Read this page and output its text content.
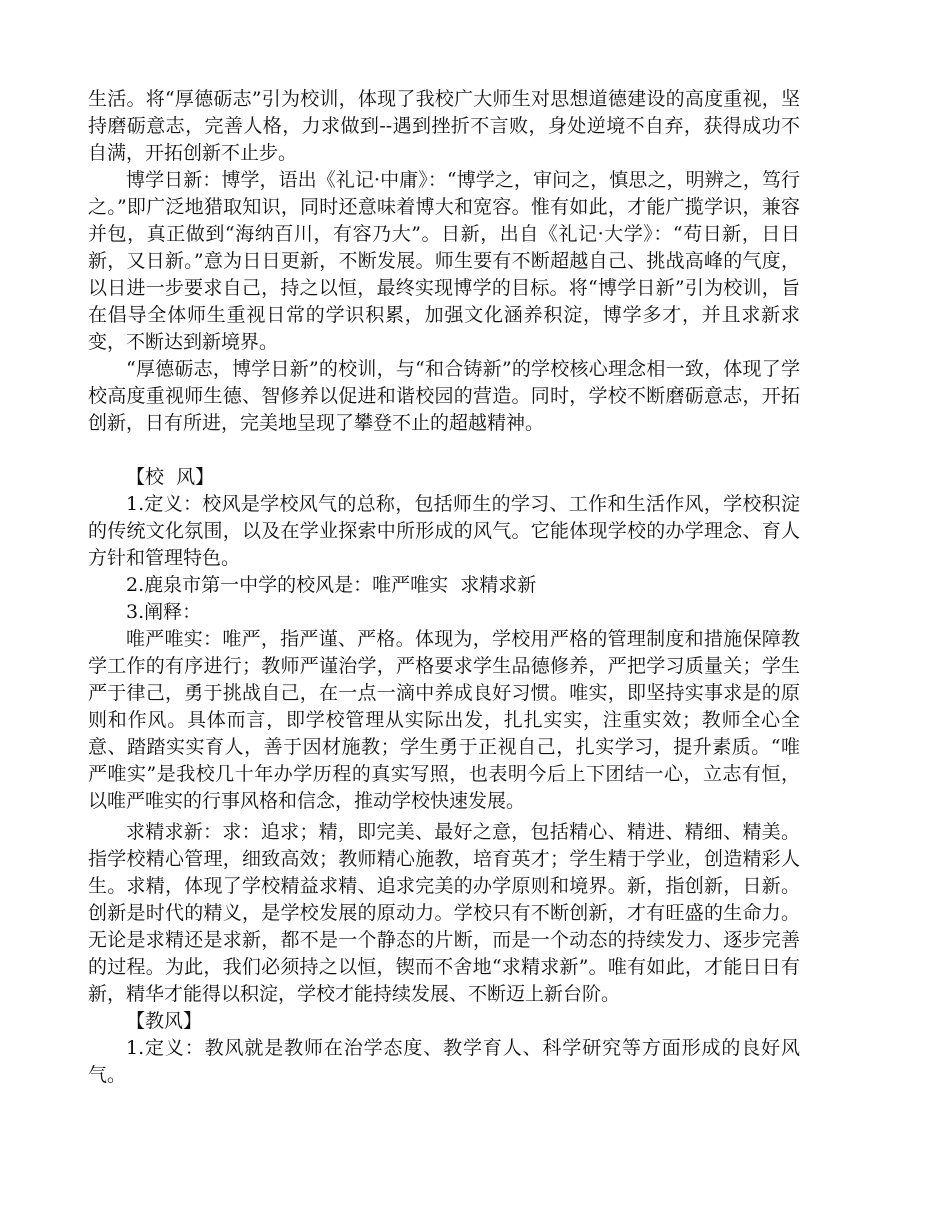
生活。将“厚德砺志”引为校训，体现了我校广大师生对思想道德建设的高度重视，坚持磨砺意志，完善人格，力求做到--遇到挫折不言败，身处逆境不自弃，获得成功不自满，开拓创新不止步。

博学日新：博学，语出《礼记·中庸》：“博学之，审问之，慎思之，明辨之，笃行之。”即广泛地猎取知识，同时还意味着博大和宽容。惟有如此，才能广揽学识，兼容并包，真正做到“海纳百川，有容乃大”。日新，出自《礼记·大学》：“苟日新，日日新，又日新。”意为日日更新，不断发展。师生要有不断超越自己、挑战高峰的气度，以日进一步要求自己，持之以恒，最终实现博学的目标。将“博学日新”引为校训，旨在倡导全体师生重视日常的学识积累，加强文化涵养积淀，博学多才，并且求新求变，不断达到新境界。

“厚德砺志，博学日新”的校训，与“和合铸新”的学校核心理念相一致，体现了学校高度重视师生德、智修养以促进和谐校园的营造。同时，学校不断磨砺意志，开拓创新，日有所进，完美地呈现了攀登不止的超越精神。

【校  风】

1.定义：校风是学校风气的总称，包括师生的学习、工作和生活作风，学校积淀的传统文化氛围，以及在学业探索中所形成的风气。它能体现学校的办学理念、育人方针和管理特色。

2.鹿泉市第一中学的校风是：唯严唯实  求精求新

3.阐释：

唯严唯实：唯严，指严谨、严格。体现为，学校用严格的管理制度和措施保障教学工作的有序进行；教师严谨治学，严格要求学生品德修养，严把学习质量关；学生严于律己，勇于挑战自己，在一点一滴中养成良好习惯。唯实，即坚持实事求是的原则和作风。具体而言，即学校管理从实际出发，扎扎实实，注重实效；教师全心全意、踏踏实实育人，善于因材施教；学生勇于正视自己，扎实学习，提升素质。“唯严唯实”是我校几十年办学历程的真实写照，也表明今后上下团结一心，立志有恒，以唯严唯实的行事风格和信念，推动学校快速发展。

求精求新：求：追求；精，即完美、最好之意，包括精心、精进、精细、精美。指学校精心管理，细致高效；教师精心施教，培育英才；学生精于学业，创造精彩人生。求精，体现了学校精益求精、追求完美的办学原则和境界。新，指创新，日新。创新是时代的精义，是学校发展的原动力。学校只有不断创新，才有旺盛的生命力。无论是求精还是求新，都不是一个静态的片断，而是一个动态的持续发力、逐步完善的过程。为此，我们必须持之以恒，锲而不舍地“求精求新”。唯有如此，才能日日有新，精华才能得以积淀，学校才能持续发展、不断迈上新台阶。

【教风】

1.定义：教风就是教师在治学态度、教学育人、科学研究等方面形成的良好风气。
